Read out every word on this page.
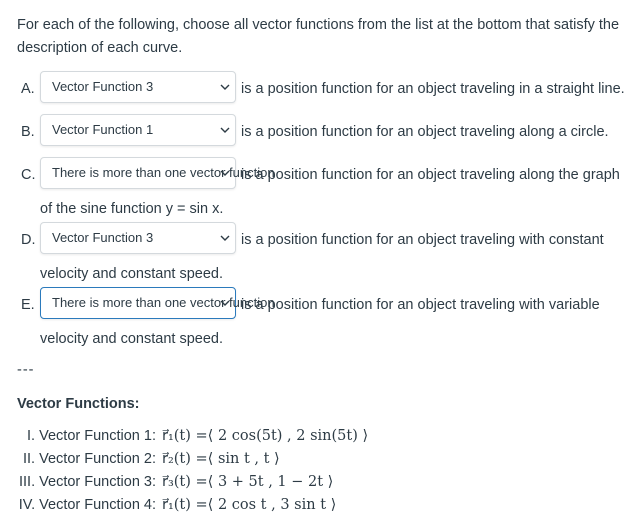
For each of the following, choose all vector functions from the list at the bottom that satisfy the description of each curve.

A. Vector Function 3	is a position function for an object traveling in a straight line.
B. Vector Function 1	is a position function for an object traveling along a circle.
C. There is more than one vector function
is a position function for an object traveling along the graph
of the sine function y = sin x.
D. Vector Function 3	is a position function for an object traveling with constant
velocity and constant speed.
E. There is more than one vector function
is a position function for an object traveling with variable
velocity and constant speed.
---
Vector Functions:
I. Vector Function 1: r⃗₁(t) =⟨ 2 cos(5t) , 2 sin(5t) ⟩
II. Vector Function 2: r⃗₂(t) =⟨ sin t , t ⟩
III. Vector Function 3: r⃗₃(t) =⟨ 3 + 5t , 1 − 2t ⟩
IV. Vector Function 4: r⃗₁(t) =⟨ 2 cos t , 3 sin t ⟩
